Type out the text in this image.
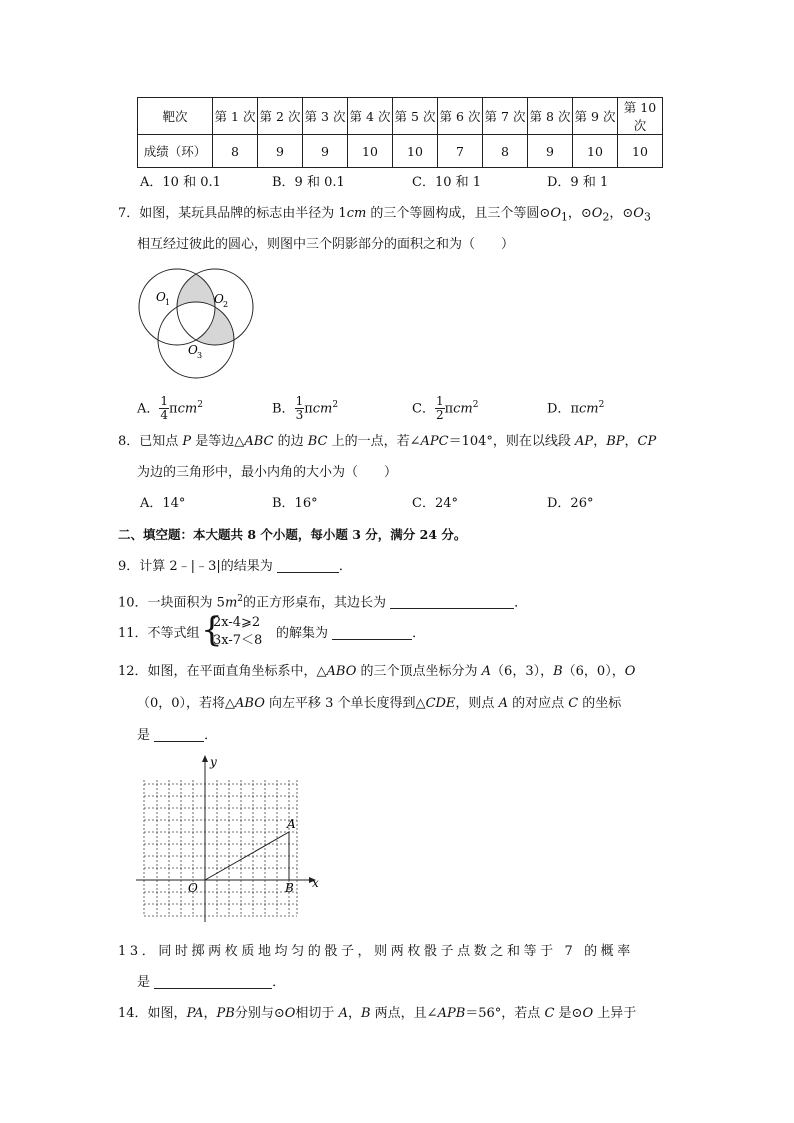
靶次	第 1 次	第 2 次	第 3 次	第 4 次	第 5 次	第 6 次	第 7 次	第 8 次	第 9 次	第 10 次
成绩（环）	8	9	9	10	10	7	8	9	10	10
A．10 和 0.1	B．9 和 0.1	C．10 和 1	D．9 和 1
7．如图，某玩具品牌的标志由半径为 1cm 的三个等圆构成，且三个等圆$⊙O_1$，$⊙O_2$，$⊙O_3$
相互经过彼此的圆心，则图中三个阴影部分的面积之和为（　　）
O 1	O 2
O 3
A． $\frac{1}{4} \pi cm^2$	B． $\frac{1}{3} \pi cm^2$	C． $\frac{1}{2} \pi cm^2$	D．πcm$^2$
8．已知点 P 是等边△ABC 的边 BC 上的一点，若∠APC＝104°，则在以线段 AP，BP，CP
为边的三角形中，最小内角的大小为（　　）
A．14°	B．16°	C．24°	D．26°
二、填空题：本大题共 8 个小题，每小题 3 分，满分 24 分。
9．计算 2﹣|﹣3|的结果为	．
10．一块面积为 $5m^2$的正方形桌布，其边长为	．
11．不等式组 {
2x-4⩾2
3x-7＜8 的解集为	．
12．如图，在平面直角坐标系中，△ABO 的三个顶点坐标分为 A（6，3），B（6，0），O
（0，0），若将△ABO 向左平移 3 个单长度得到△CDE，则点 A 的对应点 C 的坐标
是	．
y
x
A
O	B
13．同时掷两枚质地均匀的骰子，则两枚骰子点数之和等于 7 的概率
是	．
14．如图，PA，PB分别与⊙O相切于 A，B 两点，且∠APB＝56°，若点 C 是⊙O 上异于
